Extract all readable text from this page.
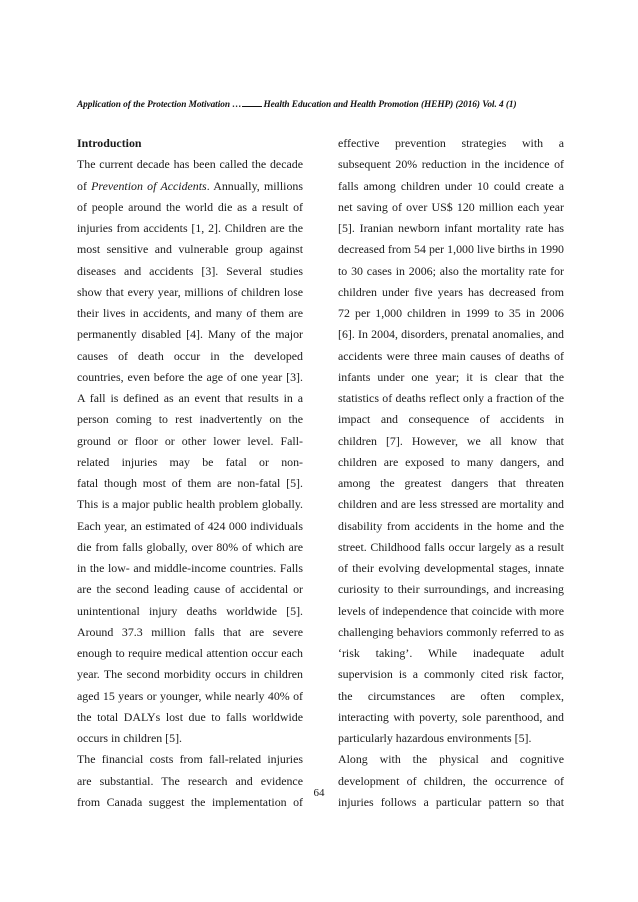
Application of the Protection Motivation … Health Education and Health Promotion (HEHP) (2016) Vol. 4 (1)
Introduction
The current decade has been called the decade
of Prevention of Accidents. Annually, millions
of people around the world die as a result of
injuries from accidents [1, 2]. Children are the
most sensitive and vulnerable group against
diseases and accidents [3]. Several studies
show that every year, millions of children lose
their lives in accidents, and many of them are
permanently disabled [4]. Many of the major
causes of death occur in the developed
countries, even before the age of one year [3].
A fall is defined as an event that results in a
person coming to rest inadvertently on the
ground or floor or other lower level. Fall-
related injuries may be fatal or non-
fatal though most of them are non-fatal [5].
This is a major public health problem globally.
Each year, an estimated of 424 000 individuals
die from falls globally, over 80% of which are
in the low- and middle-income countries. Falls
are the second leading cause of accidental or
unintentional injury deaths worldwide [5].
Around 37.3 million falls that are severe
enough to require medical attention occur each
year. The second morbidity occurs in children
aged 15 years or younger, while nearly 40% of
the total DALYs lost due to falls worldwide
occurs in children [5].
The financial costs from fall-related injuries
are substantial. The research and evidence
from Canada suggest the implementation of
effective prevention strategies with a
subsequent 20% reduction in the incidence of
falls among children under 10 could create a
net saving of over US$ 120 million each year
[5]. Iranian newborn infant mortality rate has
decreased from 54 per 1,000 live births in 1990
to 30 cases in 2006; also the mortality rate for
children under five years has decreased from
72 per 1,000 children in 1999 to 35 in 2006
[6]. In 2004, disorders, prenatal anomalies, and
accidents were three main causes of deaths of
infants under one year; it is clear that the
statistics of deaths reflect only a fraction of the
impact and consequence of accidents in
children [7]. However, we all know that
children are exposed to many dangers, and
among the greatest dangers that threaten
children and are less stressed are mortality and
disability from accidents in the home and the
street. Childhood falls occur largely as a result
of their evolving developmental stages, innate
curiosity to their surroundings, and increasing
levels of independence that coincide with more
challenging behaviors commonly referred to as
‘risk taking’. While inadequate adult
supervision is a commonly cited risk factor,
the circumstances are often complex,
interacting with poverty, sole parenthood, and
particularly hazardous environments [5].
Along with the physical and cognitive
development of children, the occurrence of
injuries follows a particular pattern so that
64
